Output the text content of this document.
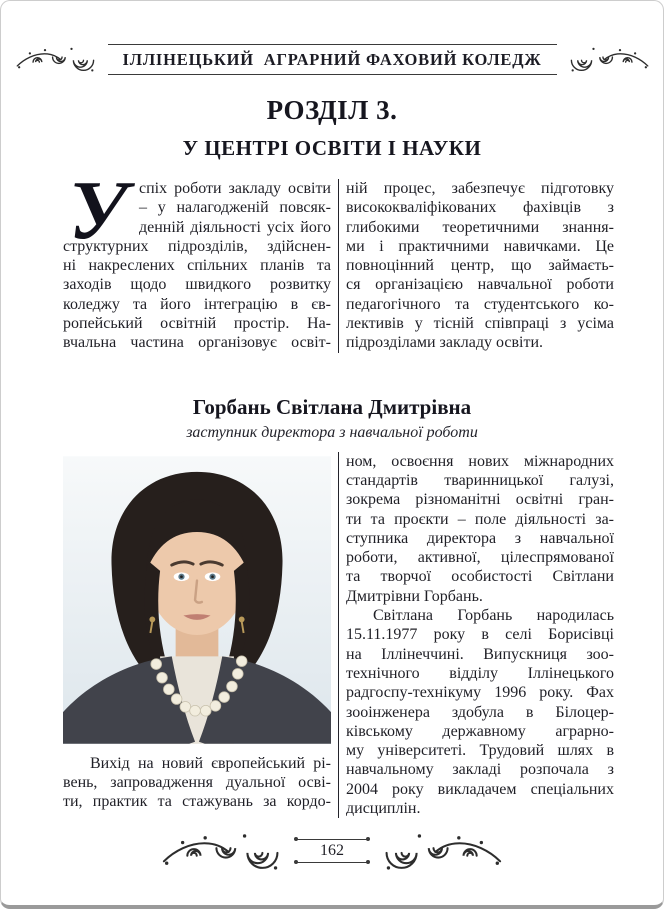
ІЛЛІНЕЦЬКИЙ  АГРАРНИЙ ФАХОВИЙ КОЛЕДЖ
РОЗДІЛ 3.
У ЦЕНТРІ ОСВІТИ І НАУКИ
У спіх роботи закладу освіти
– у налагодженій повсяк-
денній діяльності усіх його
структурних підрозділів, здійснен-
ні накреслених спільних планів та
заходів щодо швидкого розвитку
коледжу та його інтеграцію в єв-
ропейський освітній простір. На-
вчальна частина організовує освіт-
ній процес, забезпечує підготовку
висококваліфікованих фахівців з
глибокими теоретичними знання-
ми і практичними навичками. Це
повноцінний центр, що займаєть-
ся організацією навчальної роботи
педагогічного та студентського ко-
лективів у тісній співпраці з усіма
підрозділами закладу освіти.
Горбань Світлана Дмитрівна
заступник директора з навчальної роботи
Вихід на новий європейський рі-
вень, запровадження дуальної осві-
ти, практик та стажувань за кордо-
ном, освоєння нових міжнародних
стандартів тваринницької галузі,
зокрема різноманітні освітні гран-
ти та проєкти – поле діяльності за-
ступника директора з навчальної
роботи, активної, цілеспрямованої
та творчої особистості Світлани
Дмитрівни Горбань.
Світлана Горбань народилась
15.11.1977 року в селі Борисівці
на Іллінеччині. Випускниця зоо-
технічного відділу Іллінецького
радгоспу-технікуму 1996 року. Фах
зооінженера здобула в Білоцер-
ківському державному аграрно-
му університеті. Трудовий шлях в
навчальному закладі розпочала з
2004 року викладачем спеціальних
дисциплін.
162
